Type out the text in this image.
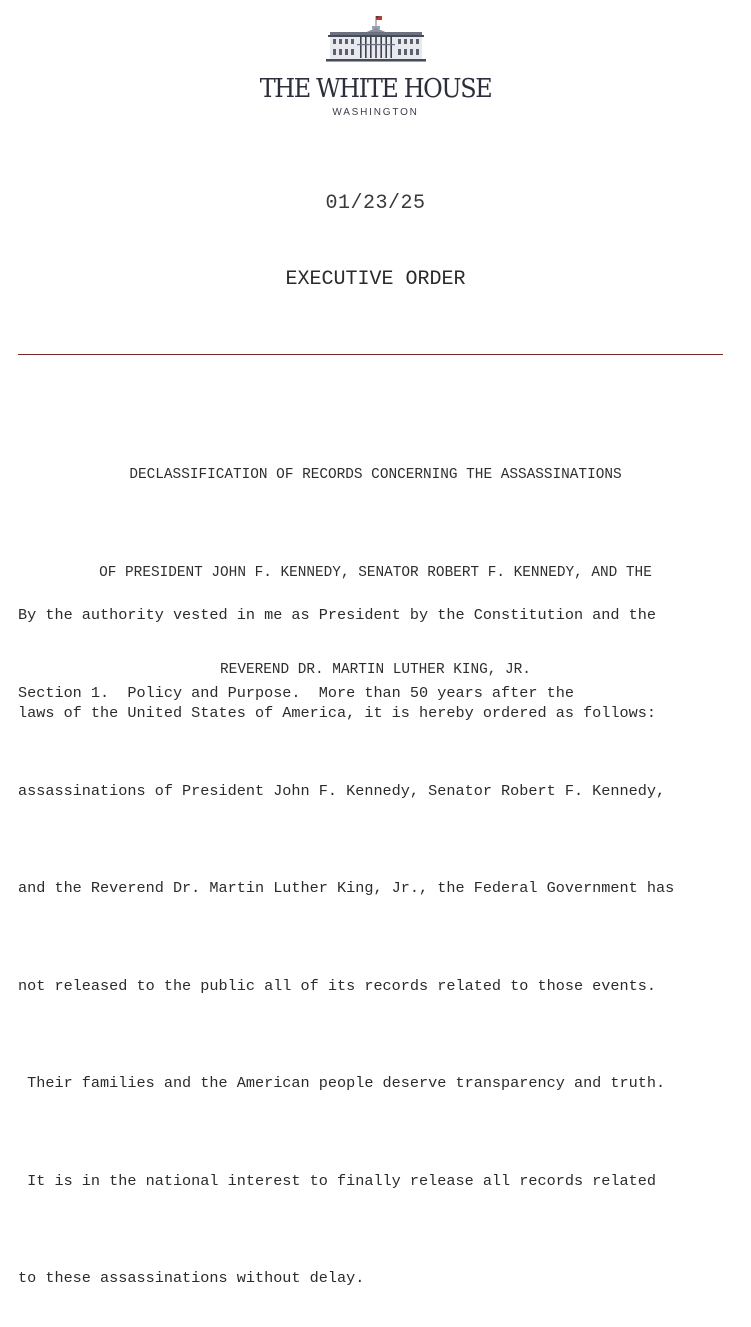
THE WHITE HOUSE
WASHINGTON
01/23/25
EXECUTIVE ORDER

DECLASSIFICATION OF RECORDS CONCERNING THE ASSASSINATIONS

OF PRESIDENT JOHN F. KENNEDY, SENATOR ROBERT F. KENNEDY, AND THE

REVEREND DR. MARTIN LUTHER KING, JR.

By the authority vested in me as President by the Constitution and the

laws of the United States of America, it is hereby ordered as follows:

Section 1.  Policy and Purpose.  More than 50 years after the

assassinations of President John F. Kennedy, Senator Robert F. Kennedy,

and the Reverend Dr. Martin Luther King, Jr., the Federal Government has

not released to the public all of its records related to those events.

Their families and the American people deserve transparency and truth.

It is in the national interest to finally release all records related

to these assassinations without delay.
